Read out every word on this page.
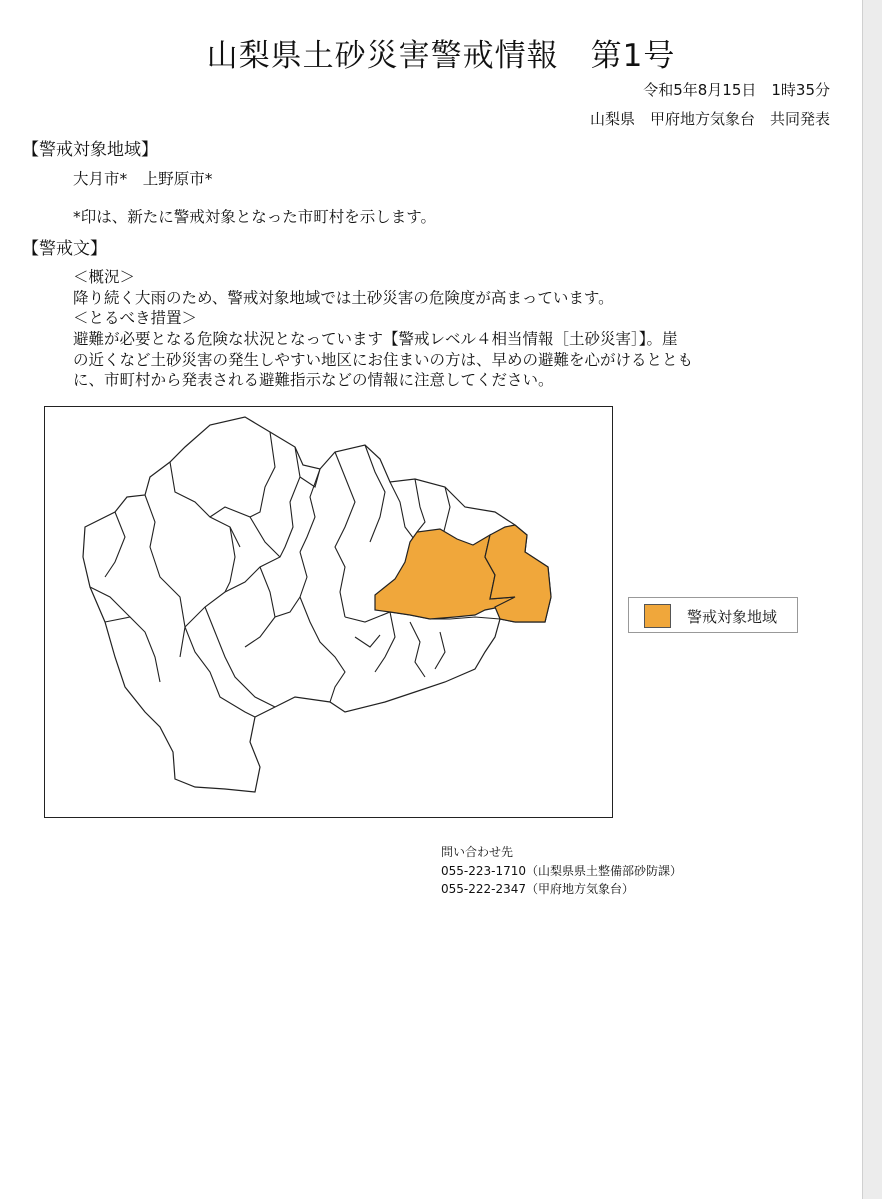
山梨県土砂災害警戒情報　第1号
令和5年8月15日　1時35分
山梨県　甲府地方気象台　共同発表
【警戒対象地域】
大月市*　上野原市*
*印は、新たに警戒対象となった市町村を示します。
【警戒文】
＜概況＞
降り続く大雨のため、警戒対象地域では土砂災害の危険度が高まっています。
＜とるべき措置＞
避難が必要となる危険な状況となっています【警戒レベル４相当情報［土砂災害］】。崖
の近くなど土砂災害の発生しやすい地区にお住まいの方は、早めの避難を心がけるととも
に、市町村から発表される避難指示などの情報に注意してください。
警戒対象地域
問い合わせ先
055-223-1710（山梨県県土整備部砂防課）
055-222-2347（甲府地方気象台）
